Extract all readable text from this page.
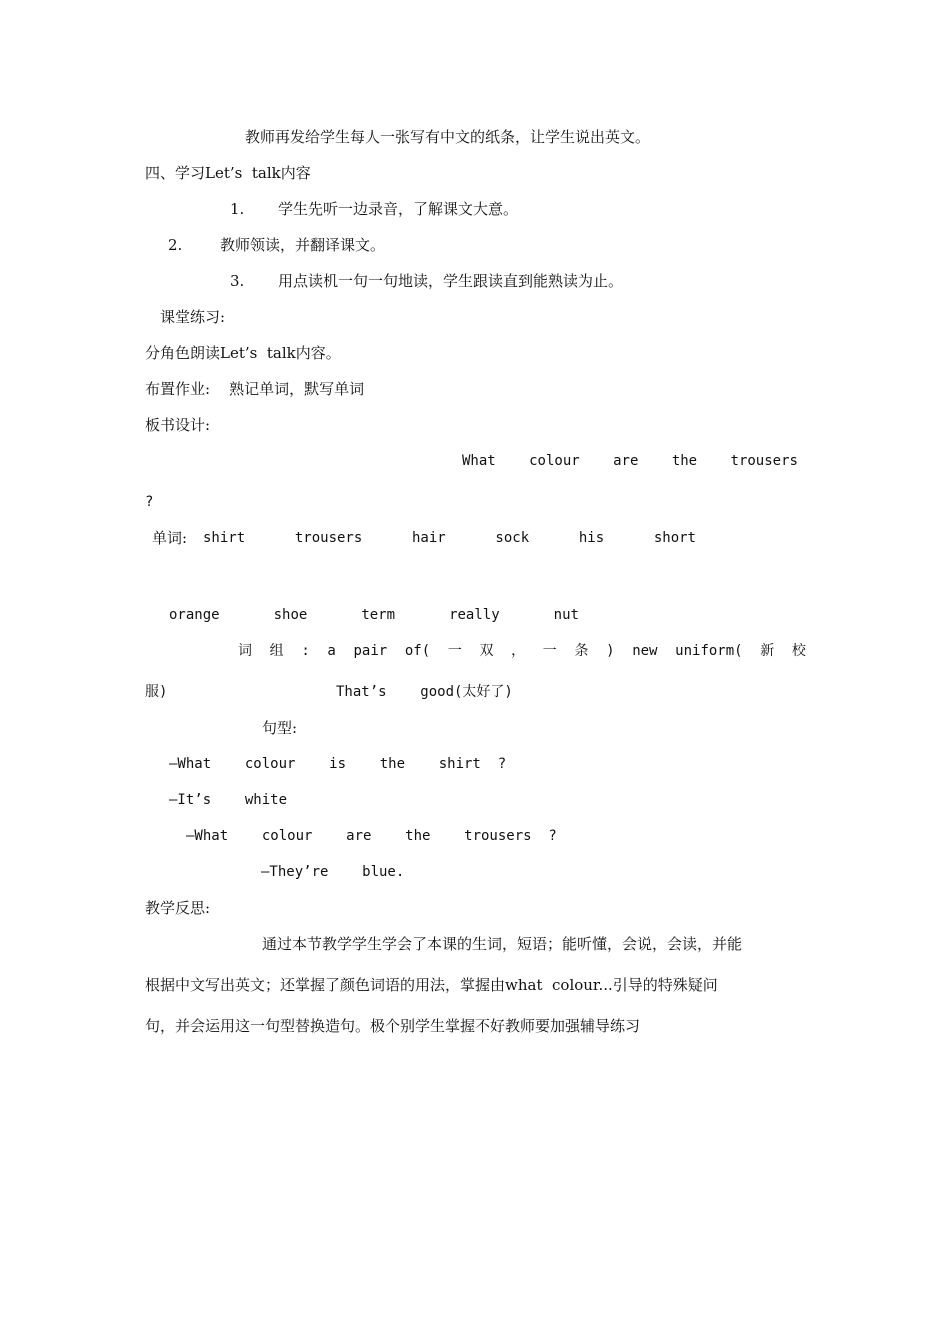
教师再发给学生每人一张写有中文的纸条，让学生说出英文。
四、学习Let’s  talk内容
1. 学生先听一边录音，了解课文大意。
2.	教师领读，并翻译课文。
3. 用点读机一句一句地读，学生跟读直到能熟读为止。
课堂练习:
分角色朗读Let’s  talk内容。
布置作业:    熟记单词，默写单词
板书设计:
What colour are the trousers
?
单词: shirt	trousers	hair	sock	his	short
orange	shoe	term	really	nut
词 组 : a pair of( 一 双 ， 一 条 ) new uniform( 新 校
服)	That’s    good(太好了)
句型:
—What    colour    is    the    shirt  ?
—It’s    white
—What    colour    are    the    trousers  ?
—They’re    blue.
教学反思:
通过本节教学学生学会了本课的生词，短语；能听懂，会说，会读，并能
根据中文写出英文；还掌握了颜色词语的用法，掌握由what  colour...引导的特殊疑问
句，并会运用这一句型替换造句。极个别学生掌握不好教师要加强辅导练习
